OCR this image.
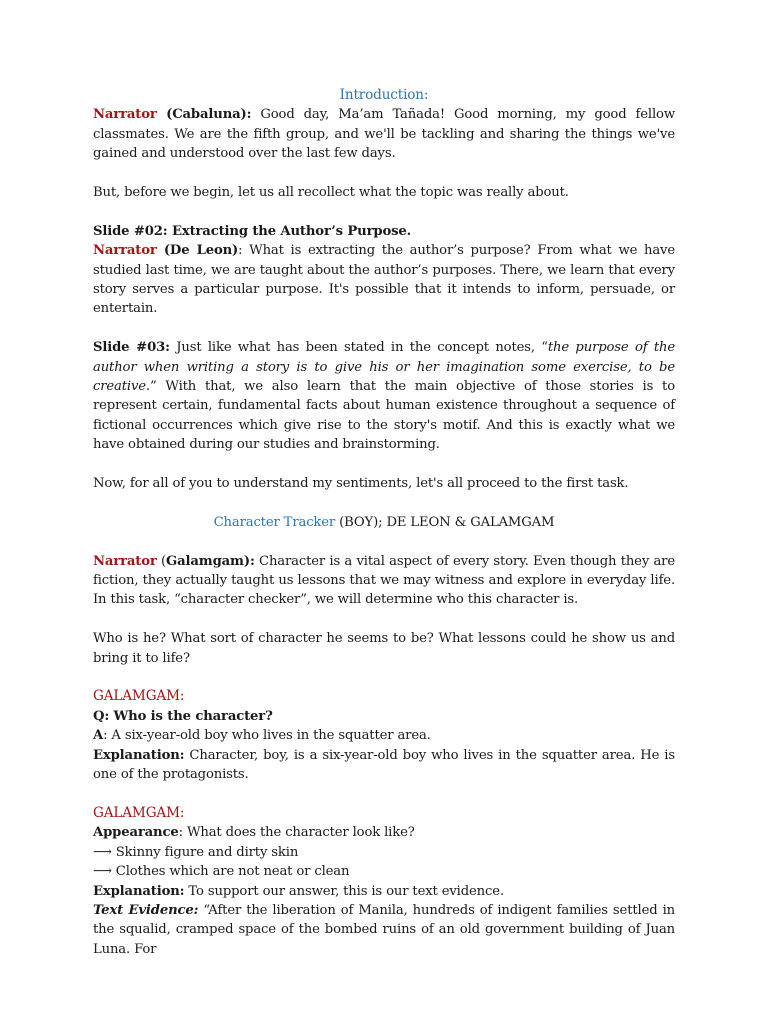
Introduction:

Narrator (Cabaluna): Good day, Ma’am Tañada! Good morning, my good fellow classmates. We are the fifth group, and we'll be tackling and sharing the things we've gained and understood over the last few days.

But, before we begin, let us all recollect what the topic was really about.

Slide #02: Extracting the Author’s Purpose.

Narrator (De Leon): What is extracting the author’s purpose? From what we have studied last time, we are taught about the author’s purposes. There, we learn that every story serves a particular purpose. It's possible that it intends to inform, persuade, or entertain.

Slide #03: Just like what has been stated in the concept notes, “the purpose of the author when writing a story is to give his or her imagination some exercise, to be creative.” With that, we also learn that the main objective of those stories is to represent certain, fundamental facts about human existence throughout a sequence of fictional occurrences which give rise to the story's motif. And this is exactly what we have obtained during our studies and brainstorming.

Now, for all of you to understand my sentiments, let's all proceed to the first task.

Character Tracker (BOY); DE LEON & GALAMGAM

Narrator (Galamgam): Character is a vital aspect of every story. Even though they are fiction, they actually taught us lessons that we may witness and explore in everyday life. In this task, “character checker”, we will determine who this character is.

Who is he? What sort of character he seems to be? What lessons could he show us and bring it to life?

GALAMGAM:

Q: Who is the character?

A: A six-year-old boy who lives in the squatter area.

Explanation: Character, boy, is a six-year-old boy who lives in the squatter area. He is one of the protagonists.

GALAMGAM:

Appearance: What does the character look like?

⟶ Skinny figure and dirty skin

⟶ Clothes which are not neat or clean

Explanation: To support our answer, this is our text evidence.

Text Evidence: “After the liberation of Manila, hundreds of indigent families settled in the squalid, cramped space of the bombed ruins of an old government building of Juan Luna. For
